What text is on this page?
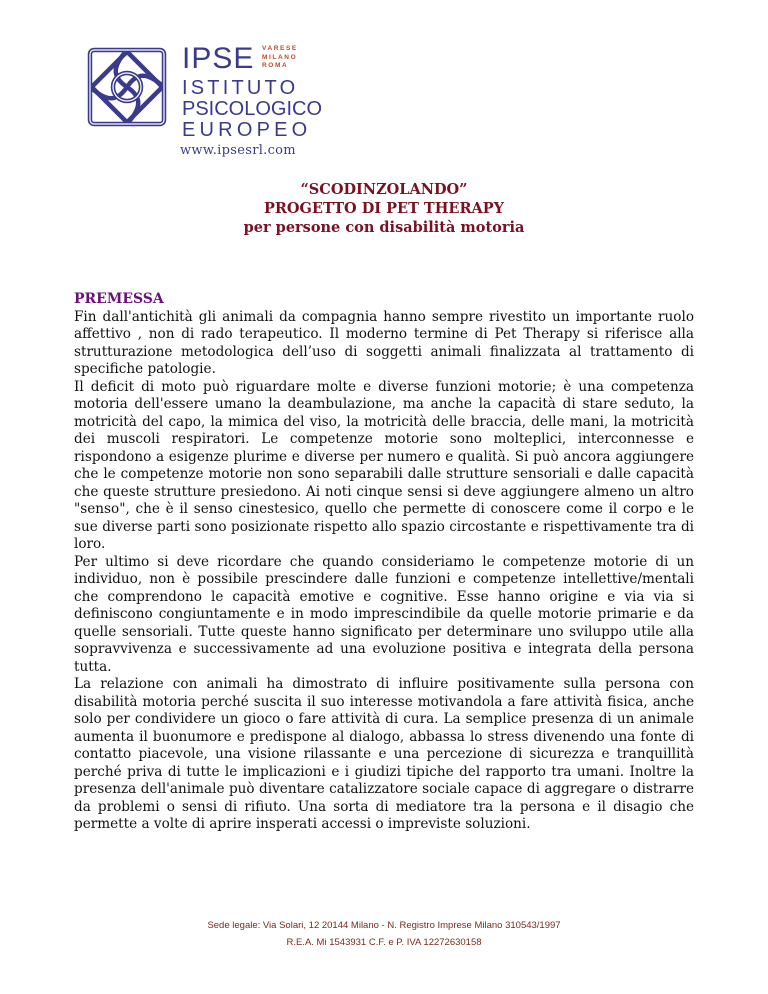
IPSE VARESE
MILANO
ROMA
ISTITUTO
PSICOLOGICO
EUROPEO
www.ipsesrl.com
“SCODINZOLANDO”
PROGETTO DI PET THERAPY
per persone con disabilità motoria
PREMESSA

Fin dall'antichità gli animali da compagnia hanno sempre rivestito un importante ruolo affettivo , non di rado terapeutico. Il moderno termine di Pet Therapy si riferisce alla strutturazione metodologica dell’uso di soggetti animali finalizzata al trattamento di specifiche patologie.

Il deficit di moto può riguardare molte e diverse funzioni motorie; è una competenza motoria dell'essere umano la deambulazione, ma anche la capacità di stare seduto, la motricità del capo, la mimica del viso, la motricità delle braccia, delle mani, la motricità dei muscoli respiratori. Le competenze motorie sono molteplici, interconnesse e rispondono a esigenze plurime e diverse per numero e qualità. Si può ancora aggiungere che le competenze motorie non sono separabili dalle strutture sensoriali e dalle capacità che queste strutture presiedono. Ai noti cinque sensi si deve aggiungere almeno un altro "senso", che è il senso cinestesico, quello che permette di conoscere come il corpo e le sue diverse parti sono posizionate rispetto allo spazio circostante e rispettivamente tra di loro.

Per ultimo si deve ricordare che quando consideriamo le competenze motorie di un individuo, non è possibile prescindere dalle funzioni e competenze intellettive/mentali che comprendono le capacità emotive e cognitive. Esse hanno origine e via via si definiscono congiuntamente e in modo imprescindibile da quelle motorie primarie e da quelle sensoriali. Tutte queste hanno significato per determinare uno sviluppo utile alla sopravvivenza e successivamente ad una evoluzione positiva e integrata della persona tutta.

La relazione con animali ha dimostrato di influire positivamente sulla persona con disabilità motoria perché suscita il suo interesse motivandola a fare attività fisica, anche solo per condividere un gioco o fare attività di cura. La semplice presenza di un animale aumenta il buonumore e predispone al dialogo, abbassa lo stress divenendo una fonte di contatto piacevole, una visione rilassante e una percezione di sicurezza e tranquillità perché priva di tutte le implicazioni e i giudizi tipiche del rapporto tra umani. Inoltre la presenza dell'animale può diventare catalizzatore sociale capace di aggregare o distrarre da problemi o sensi di rifiuto. Una sorta di mediatore tra la persona e il disagio che permette a volte di aprire insperati accessi o impreviste soluzioni.

Sede legale: Via Solari, 12 20144 Milano - N. Registro Imprese Milano 310543/1997
R.E.A. Mi 1543931 C.F. e P. IVA 12272630158
